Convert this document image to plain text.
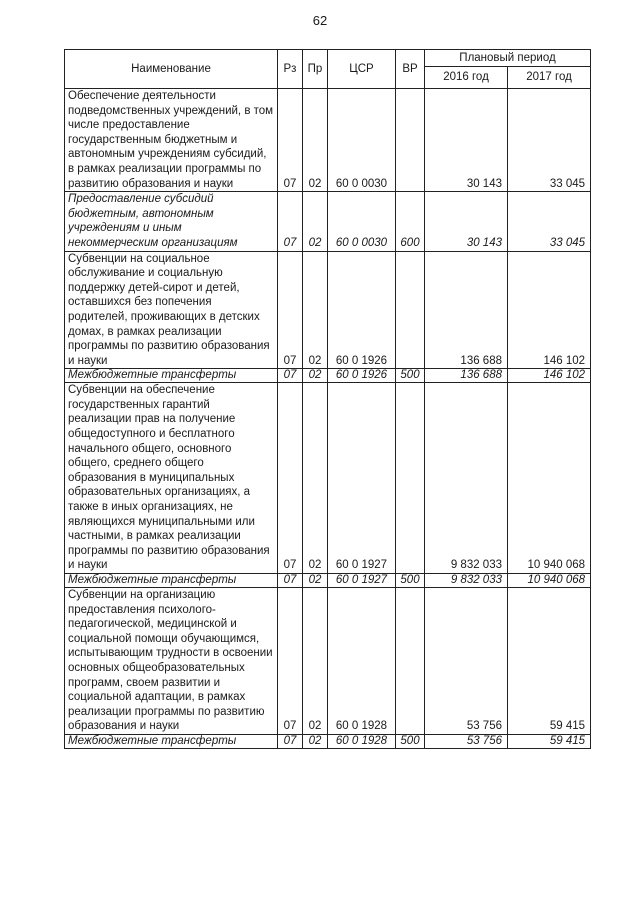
62
Наименование	Рз	Пр	ЦСР	ВР	Плановый период	
					2016 год	2017 год
Обеспечение деятельности подведомственных учреждений, в том числе предоставление государственным бюджетным и автономным учреждениям субсидий, в рамках реализации программы по развитию образования и науки	07	02	60 0 0030		30 143	33 045
Предоставление субсидий бюджетным, автономным учреждениям и иным некоммерческим организациям	07	02	60 0 0030	600	30 143	33 045
Субвенции на социальное обслуживание и социальную поддержку детей-сирот и детей, оставшихся без попечения родителей, проживающих в детских домах, в рамках реализации программы по развитию образования и науки	07	02	60 0 1926		136 688	146 102
Межбюджетные трансферты	07	02	60 0 1926	500	136 688	146 102
Субвенции на обеспечение государственных гарантий реализации прав на получение общедоступного и бесплатного начального общего, основного общего, среднего общего образования в муниципальных образовательных организациях, а также в иных организациях, не являющихся муниципальными или частными, в рамках реализации программы по развитию образования и науки	07	02	60 0 1927		9 832 033	10 940 068
Межбюджетные трансферты	07	02	60 0 1927	500	9 832 033	10 940 068
Субвенции на организацию предоставления психолого-педагогической, медицинской и социальной помощи обучающимся, испытывающим трудности в освоении основных общеобразовательных программ, своем развитии и социальной адаптации, в рамках реализации программы по развитию образования и науки	07	02	60 0 1928		53 756	59 415
Межбюджетные трансферты	07	02	60 0 1928	500	53 756	59 415
